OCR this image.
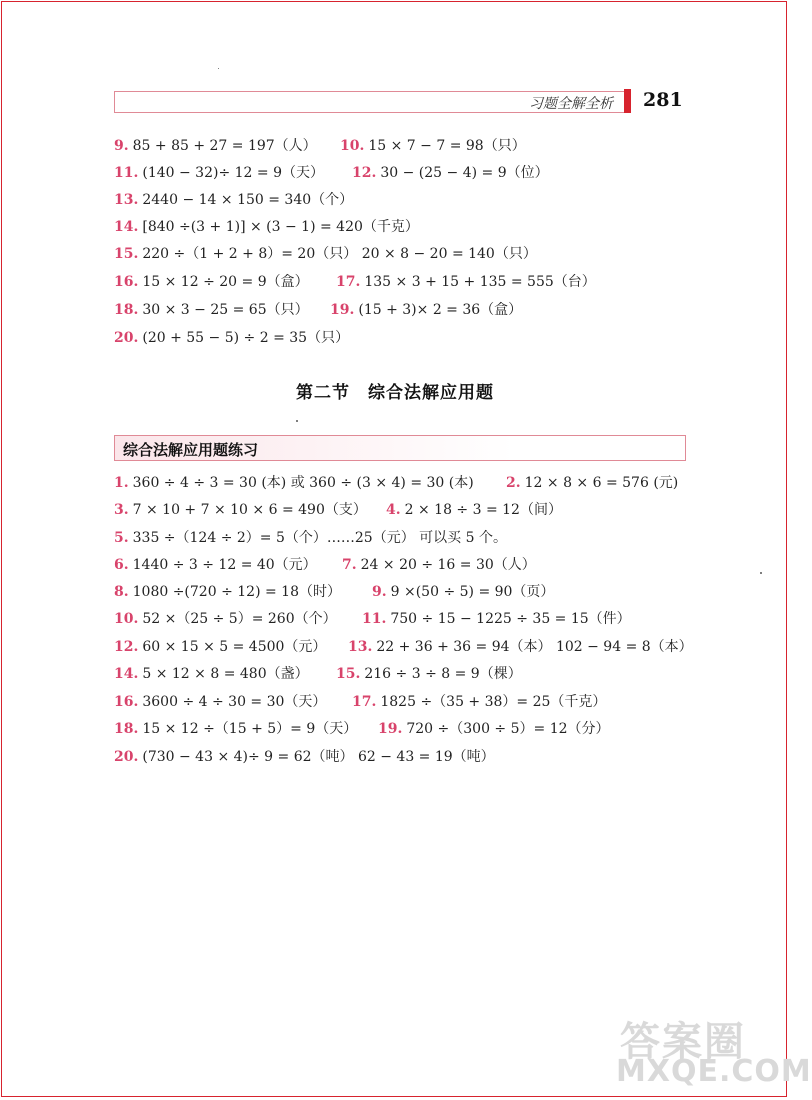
习题全解全析 281
9. 85 + 85 + 27 = 197（人） 10. 15 × 7 − 7 = 98（只）
11. (140 − 32)÷ 12 = 9（天） 12. 30 − (25 − 4) = 9（位）
13. 2440 − 14 × 150 = 340（个）
14. [840 ÷(3 + 1)] × (3 − 1) = 420（千克）
15. 220 ÷（1 + 2 + 8）= 20（只） 20 × 8 − 20 = 140（只）
16. 15 × 12 ÷ 20 = 9（盒） 17. 135 × 3 + 15 + 135 = 555（台）
18. 30 × 3 − 25 = 65（只） 19. (15 + 3)× 2 = 36（盒）
20. (20 + 55 − 5) ÷ 2 = 35（只）
第二节　综合法解应用题
综合法解应用题练习
1. 360 ÷ 4 ÷ 3 = 30 (本) 或 360 ÷ (3 × 4) = 30 (本) 2. 12 × 8 × 6 = 576 (元)
3. 7 × 10 + 7 × 10 × 6 = 490（支） 4. 2 × 18 ÷ 3 = 12（间）
5. 335 ÷（124 ÷ 2）= 5（个）……25（元） 可以买 5 个。
6. 1440 ÷ 3 ÷ 12 = 40（元） 7. 24 × 20 ÷ 16 = 30（人）
8. 1080 ÷(720 ÷ 12) = 18（时） 9. 9 ×(50 ÷ 5) = 90（页）
10. 52 ×（25 ÷ 5）= 260（个） 11. 750 ÷ 15 − 1225 ÷ 35 = 15（件）
12. 60 × 15 × 5 = 4500（元） 13. 22 + 36 + 36 = 94（本） 102 − 94 = 8（本）
14. 5 × 12 × 8 = 480（盏） 15. 216 ÷ 3 ÷ 8 = 9（棵）
16. 3600 ÷ 4 ÷ 30 = 30（天） 17. 1825 ÷（35 + 38）= 25（千克）
18. 15 × 12 ÷（15 + 5）= 9（天） 19. 720 ÷（300 ÷ 5）= 12（分）
20. (730 − 43 × 4)÷ 9 = 62（吨） 62 − 43 = 19（吨）
答案圈
MXQE.COM
